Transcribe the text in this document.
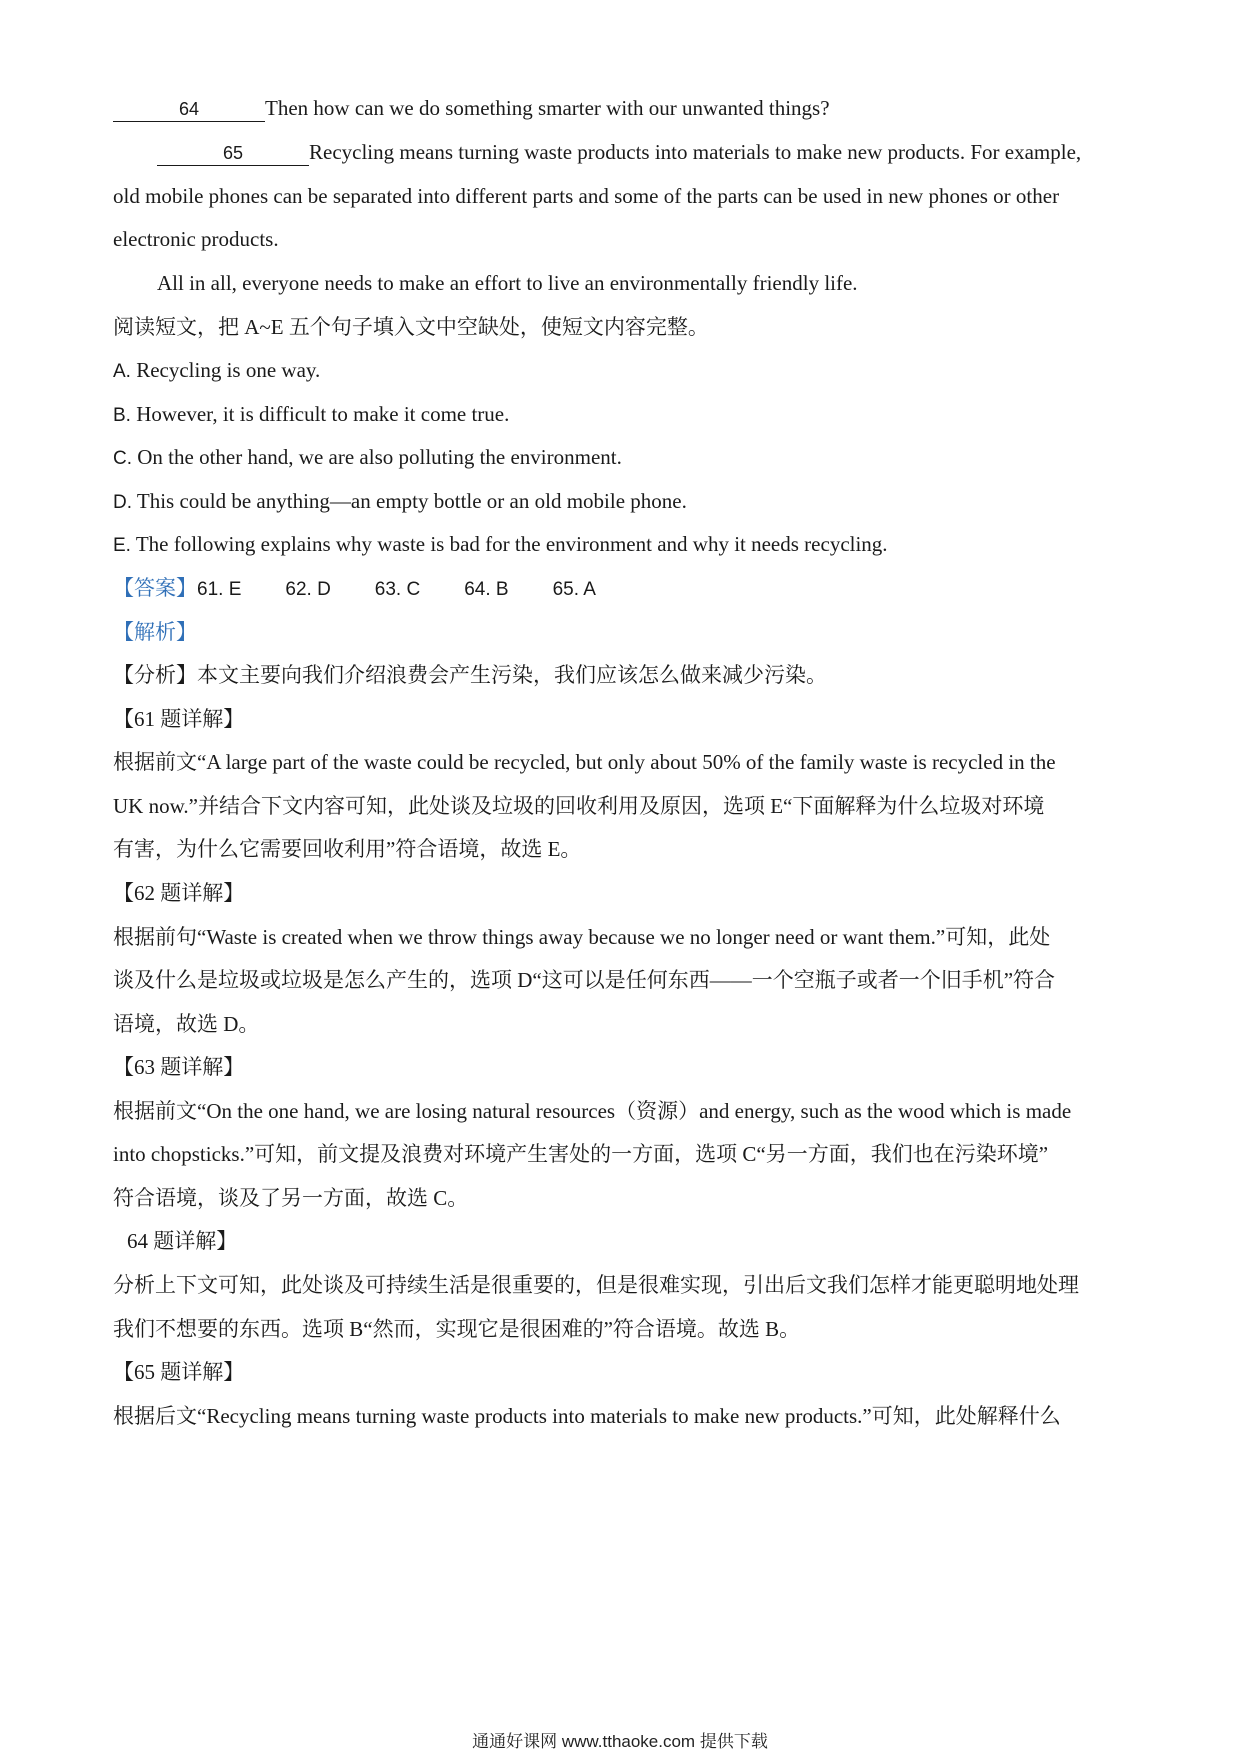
64	Then how can we do something smarter with our unwanted things?
65	Recycling means turning waste products into materials to make new products. For example,
old mobile phones can be separated into different parts and some of the parts can be used in new phones or other
electronic products.
All in all, everyone needs to make an effort to live an environmentally friendly life.
阅读短文，把 A~E 五个句子填入文中空缺处，使短文内容完整。
A. Recycling is one way.
B. However, it is difficult to make it come true.
C. On the other hand, we are also polluting the environment.
D. This could be anything—an empty bottle or an old mobile phone.
E. The following explains why waste is bad for the environment and why it needs recycling.
【答案】61. E 62. D 63. C 64. B 65. A
【解析】
【分析】本文主要向我们介绍浪费会产生污染，我们应该怎么做来减少污染。
【61 题详解】
根据前文“A large part of the waste could be recycled, but only about 50% of the family waste is recycled in the
UK now.”并结合下文内容可知，此处谈及垃圾的回收利用及原因，选项 E“下面解释为什么垃圾对环境
有害，为什么它需要回收利用”符合语境，故选 E。
【62 题详解】
根据前句“Waste is created when we throw things away because we no longer need or want them.”可知，此处
谈及什么是垃圾或垃圾是怎么产生的，选项 D“这可以是任何东西——一个空瓶子或者一个旧手机”符合
语境，故选 D。
【63 题详解】
根据前文“On the one hand, we are losing natural resources（资源）and energy, such as the wood which is made
into chopsticks.”可知，前文提及浪费对环境产生害处的一方面，选项 C“另一方面，我们也在污染环境”
符合语境，谈及了另一方面，故选 C。
64 题详解】
分析上下文可知，此处谈及可持续生活是很重要的，但是很难实现，引出后文我们怎样才能更聪明地处理
我们不想要的东西。选项 B“然而，实现它是很困难的”符合语境。故选 B。
【65 题详解】
根据后文“Recycling means turning waste products into materials to make new products.”可知，此处解释什么
通通好课网 www.tthaoke.com 提供下载
